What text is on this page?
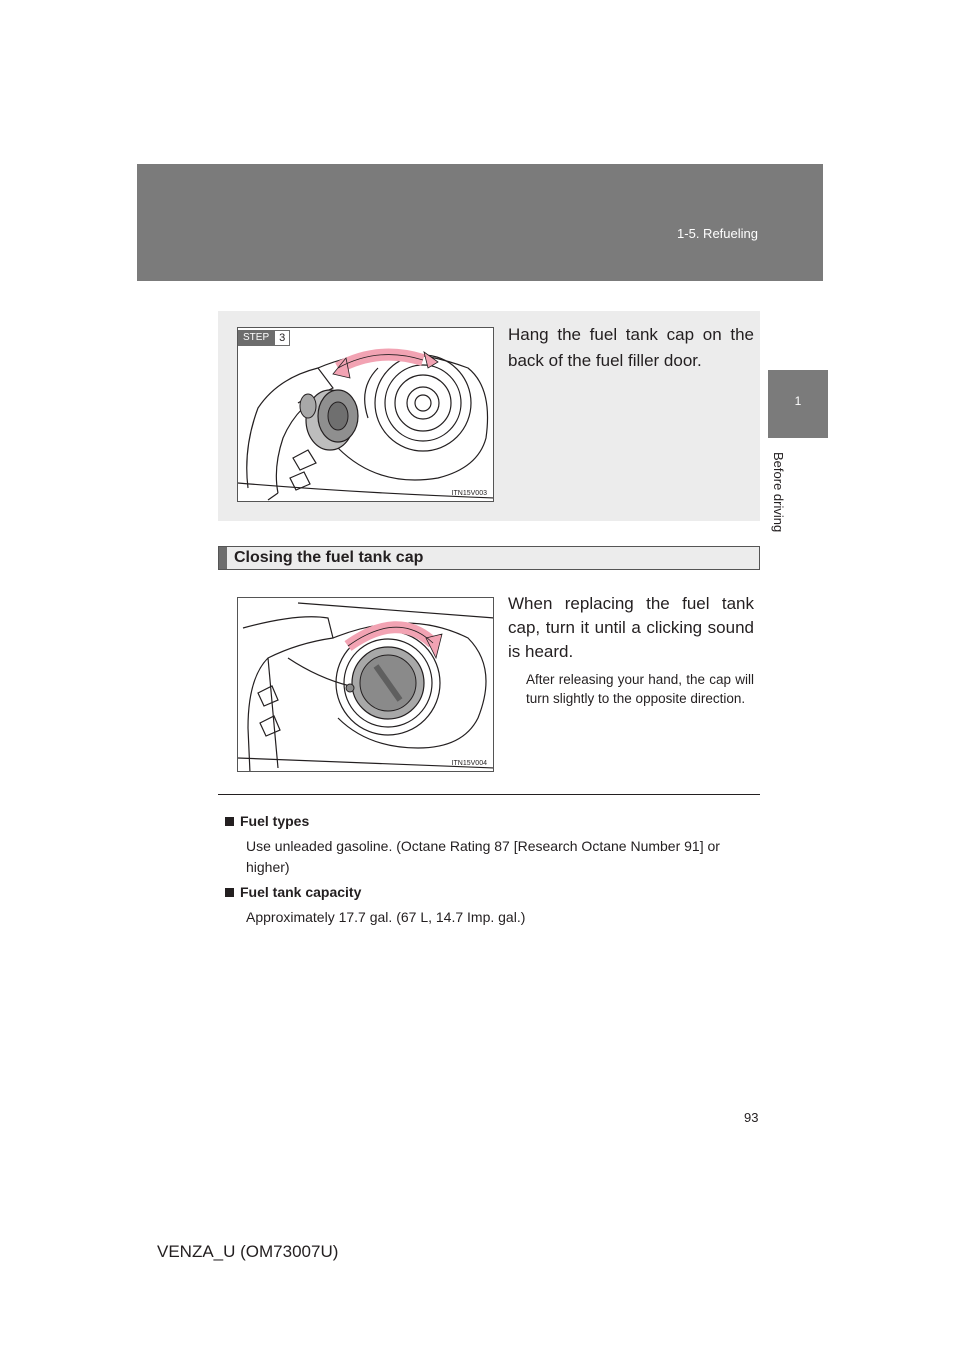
1-5. Refueling
1
Before driving
ITN15V003
STEP 3	Hang the fuel tank cap on the back of the fuel filler door.

Closing the fuel tank cap
ITN15V004

When replacing the fuel tank cap, turn it until a clicking sound is heard.

After releasing your hand, the cap will turn slightly to the opposite direction.

Fuel types

Use unleaded gasoline. (Octane Rating 87 [Research Octane Number 91] or higher)

Fuel tank capacity

Approximately 17.7 gal. (67 L, 14.7 Imp. gal.)

93
VENZA_U (OM73007U)
